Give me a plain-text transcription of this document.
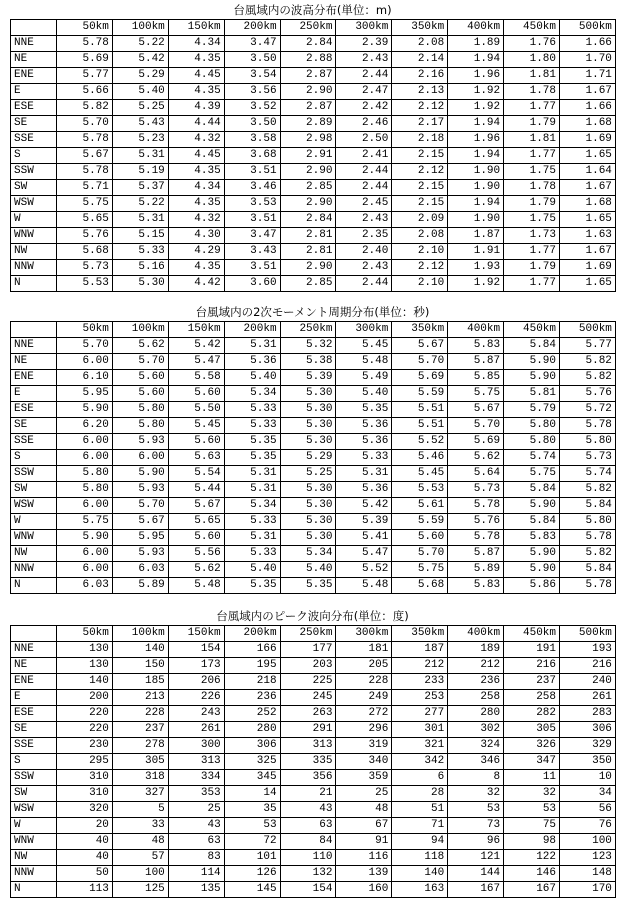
台風域内の波高分布(単位：m)
	50km	100km	150km	200km	250km	300km	350km	400km	450km	500km
NNE	5.78	5.22	4.34	3.47	2.84	2.39	2.08	1.89	1.76	1.66
NE	5.69	5.42	4.35	3.50	2.88	2.43	2.14	1.94	1.80	1.70
ENE	5.77	5.29	4.45	3.54	2.87	2.44	2.16	1.96	1.81	1.71
E	5.66	5.40	4.35	3.56	2.90	2.47	2.13	1.92	1.78	1.67
ESE	5.82	5.25	4.39	3.52	2.87	2.42	2.12	1.92	1.77	1.66
SE	5.70	5.43	4.44	3.50	2.89	2.46	2.17	1.94	1.79	1.68
SSE	5.78	5.23	4.32	3.58	2.98	2.50	2.18	1.96	1.81	1.69
S	5.67	5.31	4.45	3.68	2.91	2.41	2.15	1.94	1.77	1.65
SSW	5.78	5.19	4.35	3.51	2.90	2.44	2.12	1.90	1.75	1.64
SW	5.71	5.37	4.34	3.46	2.85	2.44	2.15	1.90	1.78	1.67
WSW	5.75	5.22	4.35	3.53	2.90	2.45	2.15	1.94	1.79	1.68
W	5.65	5.31	4.32	3.51	2.84	2.43	2.09	1.90	1.75	1.65
WNW	5.76	5.15	4.30	3.47	2.81	2.35	2.08	1.87	1.73	1.63
NW	5.68	5.33	4.29	3.43	2.81	2.40	2.10	1.91	1.77	1.67
NNW	5.73	5.16	4.35	3.51	2.90	2.43	2.12	1.93	1.79	1.69
N	5.53	5.30	4.42	3.60	2.85	2.44	2.10	1.92	1.77	1.65
台風域内の2次モーメント周期分布(単位：秒)
	50km	100km	150km	200km	250km	300km	350km	400km	450km	500km
NNE	5.70	5.62	5.42	5.31	5.32	5.45	5.67	5.83	5.84	5.77
NE	6.00	5.70	5.47	5.36	5.38	5.48	5.70	5.87	5.90	5.82
ENE	6.10	5.60	5.58	5.40	5.39	5.49	5.69	5.85	5.90	5.82
E	5.95	5.60	5.60	5.34	5.30	5.40	5.59	5.75	5.81	5.76
ESE	5.90	5.80	5.50	5.33	5.30	5.35	5.51	5.67	5.79	5.72
SE	6.20	5.80	5.45	5.33	5.30	5.36	5.51	5.70	5.80	5.78
SSE	6.00	5.93	5.60	5.35	5.30	5.36	5.52	5.69	5.80	5.80
S	6.00	6.00	5.63	5.35	5.29	5.33	5.46	5.62	5.74	5.73
SSW	5.80	5.90	5.54	5.31	5.25	5.31	5.45	5.64	5.75	5.74
SW	5.80	5.93	5.44	5.31	5.30	5.36	5.53	5.73	5.84	5.82
WSW	6.00	5.70	5.67	5.34	5.30	5.42	5.61	5.78	5.90	5.84
W	5.75	5.67	5.65	5.33	5.30	5.39	5.59	5.76	5.84	5.80
WNW	5.90	5.95	5.60	5.31	5.30	5.41	5.60	5.78	5.83	5.78
NW	6.00	5.93	5.56	5.33	5.34	5.47	5.70	5.87	5.90	5.82
NNW	6.00	6.03	5.62	5.40	5.40	5.52	5.75	5.89	5.90	5.84
N	6.03	5.89	5.48	5.35	5.35	5.48	5.68	5.83	5.86	5.78
台風域内のピーク波向分布(単位：度)
	50km	100km	150km	200km	250km	300km	350km	400km	450km	500km
NNE	130	140	154	166	177	181	187	189	191	193
NE	130	150	173	195	203	205	212	212	216	216
ENE	140	185	206	218	225	228	233	236	237	240
E	200	213	226	236	245	249	253	258	258	261
ESE	220	228	243	252	263	272	277	280	282	283
SE	220	237	261	280	291	296	301	302	305	306
SSE	230	278	300	306	313	319	321	324	326	329
S	295	305	313	325	335	340	342	346	347	350
SSW	310	318	334	345	356	359	6	8	11	10
SW	310	327	353	14	21	25	28	32	32	34
WSW	320	5	25	35	43	48	51	53	53	56
W	20	33	43	53	63	67	71	73	75	76
WNW	40	48	63	72	84	91	94	96	98	100
NW	40	57	83	101	110	116	118	121	122	123
NNW	50	100	114	126	132	139	140	144	146	148
N	113	125	135	145	154	160	163	167	167	170
